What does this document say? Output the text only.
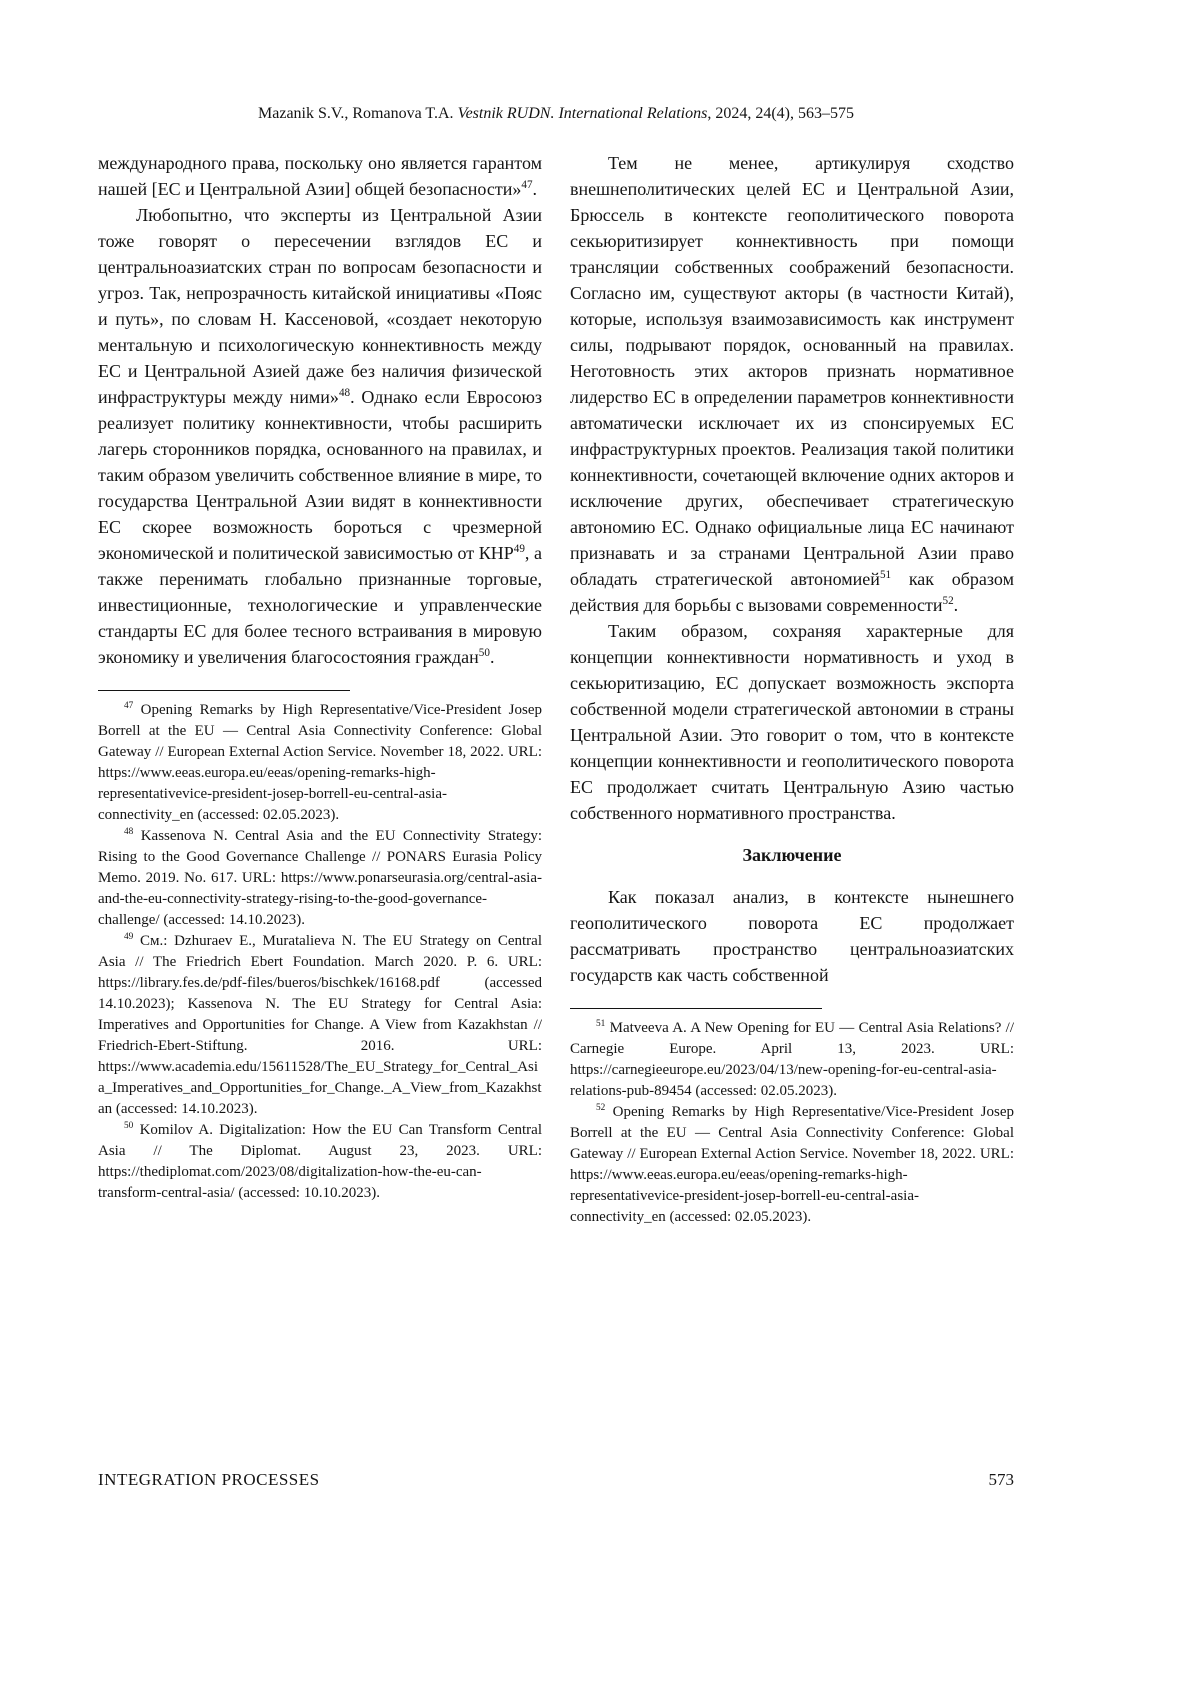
Mazanik S.V., Romanova T.A. Vestnik RUDN. International Relations, 2024, 24(4), 563–575

международного права, поскольку оно является гарантом нашей [ЕС и Центральной Азии] общей безопасности»$^{47}$.

Любопытно, что эксперты из Центральной Азии тоже говорят о пересечении взглядов ЕС и центральноазиатских стран по вопросам безопасности и угроз. Так, непрозрачность китайской инициативы «Пояс и путь», по словам Н. Кассеновой, «создает некоторую ментальную и психологическую коннективность между ЕС и Центральной Азией даже без наличия физической инфраструктуры между ними»$^{48}$. Однако если Евросоюз реализует политику коннективности, чтобы расширить лагерь сторонников порядка, основанного на правилах, и таким образом увеличить собственное влияние в мире, то государства Центральной Азии видят в коннективности ЕС скорее возможность бороться с чрезмерной экономической и политической зависимостью от КНР$^{49}$, а также перенимать глобально признанные торговые, инвестиционные, технологические и управленческие стандарты ЕС для более тесного встраивания в мировую экономику и увеличения благосостояния граждан$^{50}$.

$^{47}$ Opening Remarks by High Representative/Vice-President Josep Borrell at the EU — Central Asia Connectivity Conference: Global Gateway // European External Action Service. November 18, 2022. URL: https://www.eeas.europa.eu/eeas/opening-remarks-high-representativevice-president-josep-borrell-eu-central-asia-connectivity_en (accessed: 02.05.2023).

$^{48}$ Kassenova N. Central Asia and the EU Connectivity Strategy: Rising to the Good Governance Challenge // PONARS Eurasia Policy Memo. 2019. No. 617. URL: https://www.ponarseurasia.org/central-asia-and-the-eu-connectivity-strategy-rising-to-the-good-governance-challenge/ (accessed: 14.10.2023).

$^{49}$ См.: Dzhuraev E., Muratalieva N. The EU Strategy on Central Asia // The Friedrich Ebert Foundation. March 2020. P. 6. URL: https://library.fes.de/pdf-files/bueros/bischkek/16168.pdf (accessed 14.10.2023); Kassenova N. The EU Strategy for Central Asia: Imperatives and Opportunities for Change. A View from Kazakhstan // Friedrich-Ebert-Stiftung. 2016. URL: https://www.academia.edu/15611528/The_EU_Strategy_for_Central_Asia_Imperatives_and_Opportunities_for_Change._A_View_from_Kazakhstan (accessed: 14.10.2023).

$^{50}$ Komilov A. Digitalization: How the EU Can Transform Central Asia // The Diplomat. August 23, 2023. URL: https://thediplomat.com/2023/08/digitalization-how-the-eu-can-transform-central-asia/ (accessed: 10.10.2023).

Тем не менее, артикулируя сходство внешнеполитических целей ЕС и Центральной Азии, Брюссель в контексте геополитического поворота секьюритизирует коннективность при помощи трансляции собственных соображений безопасности. Согласно им, существуют акторы (в частности Китай), которые, используя взаимозависимость как инструмент силы, подрывают порядок, основанный на правилах. Неготовность этих акторов признать нормативное лидерство ЕС в определении параметров коннективности автоматически исключает их из спонсируемых ЕС инфраструктурных проектов. Реализация такой политики коннективности, сочетающей включение одних акторов и исключение других, обеспечивает стратегическую автономию ЕС. Однако официальные лица ЕС начинают признавать и за странами Центральной Азии право обладать стратегической автономией$^{51}$ как образом действия для борьбы с вызовами современности$^{52}$.

Таким образом, сохраняя характерные для концепции коннективности нормативность и уход в секьюритизацию, ЕС допускает возможность экспорта собственной модели стратегической автономии в страны Центральной Азии. Это говорит о том, что в контексте концепции коннективности и геополитического поворота ЕС продолжает считать Центральную Азию частью собственного нормативного пространства.

Заключение

Как показал анализ, в контексте нынешнего геополитического поворота ЕС продолжает рассматривать пространство центральноазиатских государств как часть собственной

$^{51}$ Matveeva A. A New Opening for EU — Central Asia Relations? // Carnegie Europe. April 13, 2023. URL: https://carnegieeurope.eu/2023/04/13/new-opening-for-eu-central-asia-relations-pub-89454 (accessed: 02.05.2023).

$^{52}$ Opening Remarks by High Representative/Vice-President Josep Borrell at the EU — Central Asia Connectivity Conference: Global Gateway // European External Action Service. November 18, 2022. URL: https://www.eeas.europa.eu/eeas/opening-remarks-high-representativevice-president-josep-borrell-eu-central-asia-connectivity_en (accessed: 02.05.2023).

INTEGRATION PROCESSES	573
